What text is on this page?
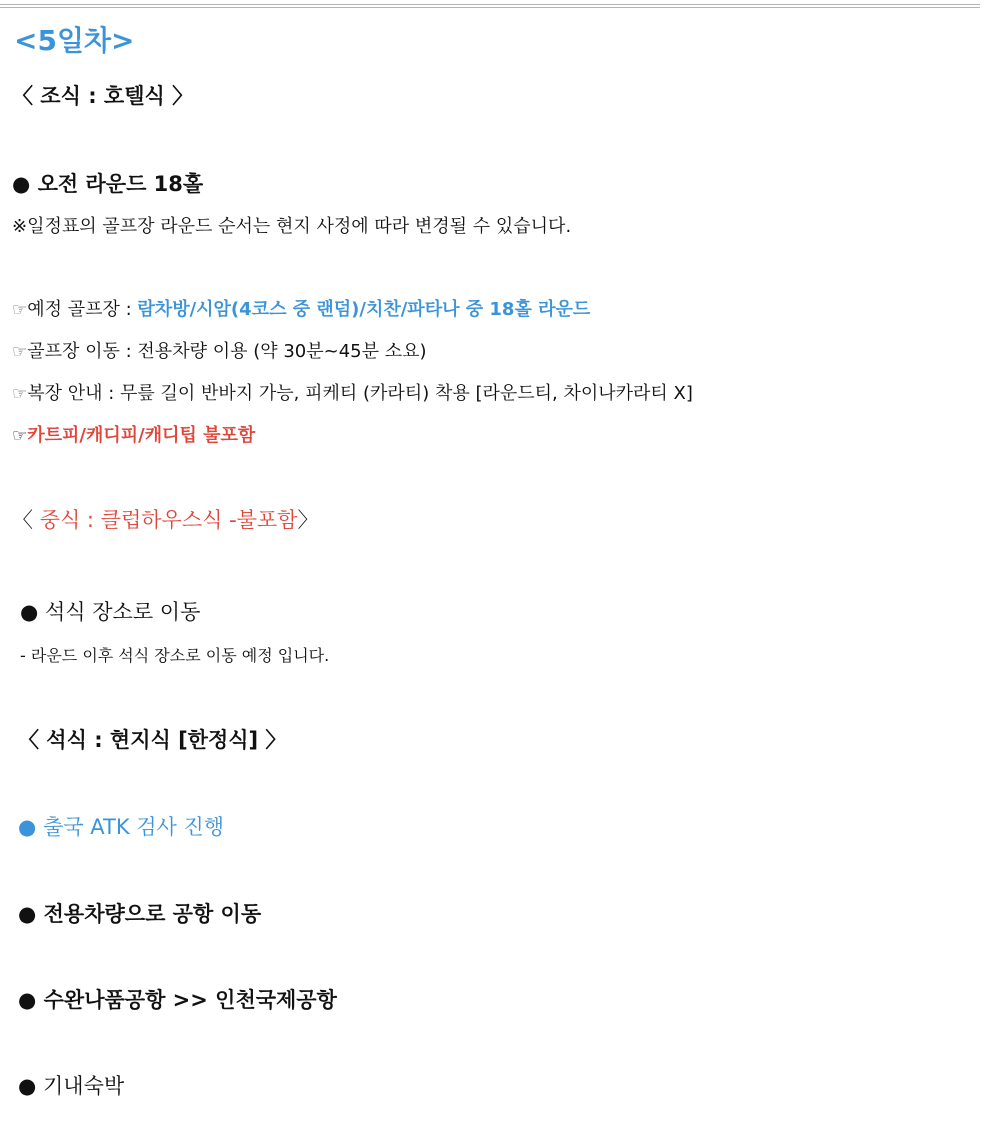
<5일차>
〈 조식 : 호텔식 〉
● 오전 라운드 18홀
※일정표의 골프장 라운드 순서는 현지 사정에 따라 변경될 수 있습니다.
☞예정 골프장 : 람차방/시암(4코스 중 랜덤)/치찬/파타나 중 18홀 라운드
☞골프장 이동 : 전용차량 이용 (약 30분~45분 소요)
☞복장 안내 : 무릎 길이 반바지 가능, 피케티 (카라티) 착용 [라운드티, 차이나카라티 X]
☞카트피/캐디피/캐디팁 불포함
〈 중식 : 클럽하우스식 -불포함〉
● 석식 장소로 이동
- 라운드 이후 석식 장소로 이동 예정 입니다.
〈 석식 : 현지식 [한정식] 〉
● 출국 ATK 검사 진행
● 전용차량으로 공항 이동
● 수완나품공항 >> 인천국제공항
● 기내숙박
